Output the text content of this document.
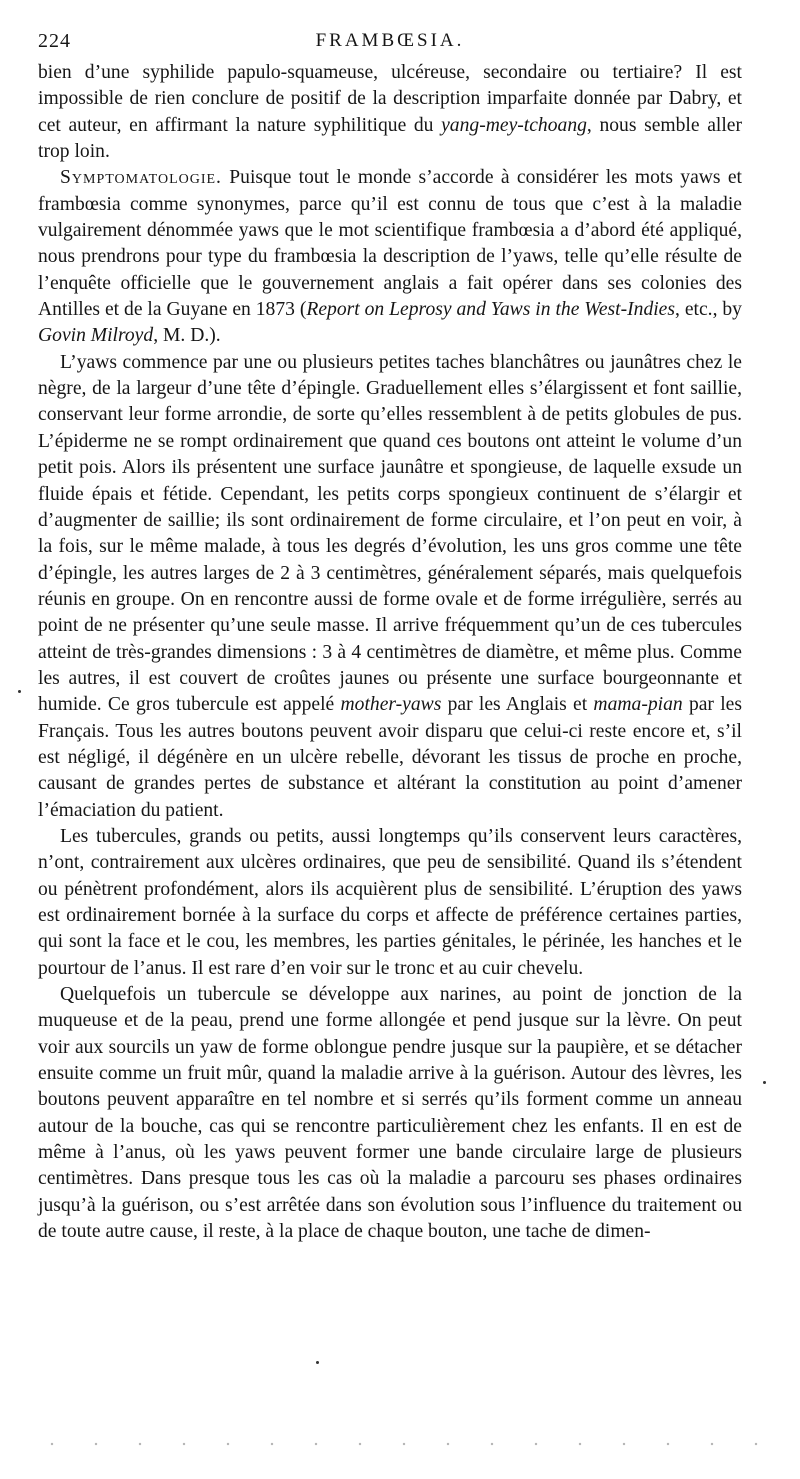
224	FRAMBŒSIA.

bien d’une syphilide papulo-squameuse, ulcéreuse, secondaire ou tertiaire? Il est impossible de rien conclure de positif de la description imparfaite donnée par Dabry, et cet auteur, en affirmant la nature syphilitique du yang-mey-tchoang, nous semble aller trop loin.

Symptomatologie. Puisque tout le monde s’accorde à considérer les mots yaws et frambœsia comme synonymes, parce qu’il est connu de tous que c’est à la maladie vulgairement dénommée yaws que le mot scientifique frambœsia a d’abord été appliqué, nous prendrons pour type du frambœsia la description de l’yaws, telle qu’elle résulte de l’enquête officielle que le gouvernement anglais a fait opérer dans ses colonies des Antilles et de la Guyane en 1873 (Report on Leprosy and Yaws in the West-Indies, etc., by Govin Milroyd, M. D.).

L’yaws commence par une ou plusieurs petites taches blanchâtres ou jaunâtres chez le nègre, de la largeur d’une tête d’épingle. Graduellement elles s’élargissent et font saillie, conservant leur forme arrondie, de sorte qu’elles ressemblent à de petits globules de pus. L’épiderme ne se rompt ordinairement que quand ces boutons ont atteint le volume d’un petit pois. Alors ils présentent une surface jaunâtre et spongieuse, de laquelle exsude un fluide épais et fétide. Cependant, les petits corps spongieux continuent de s’élargir et d’augmenter de saillie; ils sont ordinairement de forme circulaire, et l’on peut en voir, à la fois, sur le même malade, à tous les degrés d’évolution, les uns gros comme une tête d’épingle, les autres larges de 2 à 3 centimètres, généralement séparés, mais quelquefois réunis en groupe. On en rencontre aussi de forme ovale et de forme irrégulière, serrés au point de ne présenter qu’une seule masse. Il arrive fréquemment qu’un de ces tubercules atteint de très-grandes dimensions : 3 à 4 centimètres de diamètre, et même plus. Comme les autres, il est couvert de croûtes jaunes ou présente une surface bourgeonnante et humide. Ce gros tubercule est appelé mother-yaws par les Anglais et mama-pian par les Français. Tous les autres boutons peuvent avoir disparu que celui-ci reste encore et, s’il est négligé, il dégénère en un ulcère rebelle, dévorant les tissus de proche en proche, causant de grandes pertes de substance et altérant la constitution au point d’amener l’émaciation du patient.

Les tubercules, grands ou petits, aussi longtemps qu’ils conservent leurs caractères, n’ont, contrairement aux ulcères ordinaires, que peu de sensibilité. Quand ils s’étendent ou pénètrent profondément, alors ils acquièrent plus de sensibilité. L’éruption des yaws est ordinairement bornée à la surface du corps et affecte de préférence certaines parties, qui sont la face et le cou, les membres, les parties génitales, le périnée, les hanches et le pourtour de l’anus. Il est rare d’en voir sur le tronc et au cuir chevelu.

Quelquefois un tubercule se développe aux narines, au point de jonction de la muqueuse et de la peau, prend une forme allongée et pend jusque sur la lèvre. On peut voir aux sourcils un yaw de forme oblongue pendre jusque sur la paupière, et se détacher ensuite comme un fruit mûr, quand la maladie arrive à la guérison. Autour des lèvres, les boutons peuvent apparaître en tel nombre et si serrés qu’ils forment comme un anneau autour de la bouche, cas qui se rencontre particulièrement chez les enfants. Il en est de même à l’anus, où les yaws peuvent former une bande circulaire large de plusieurs centimètres. Dans presque tous les cas où la maladie a parcouru ses phases ordinaires jusqu’à la guérison, ou s’est arrêtée dans son évolution sous l’influence du traitement ou de toute autre cause, il reste, à la place de chaque bouton, une tache de dimen-
